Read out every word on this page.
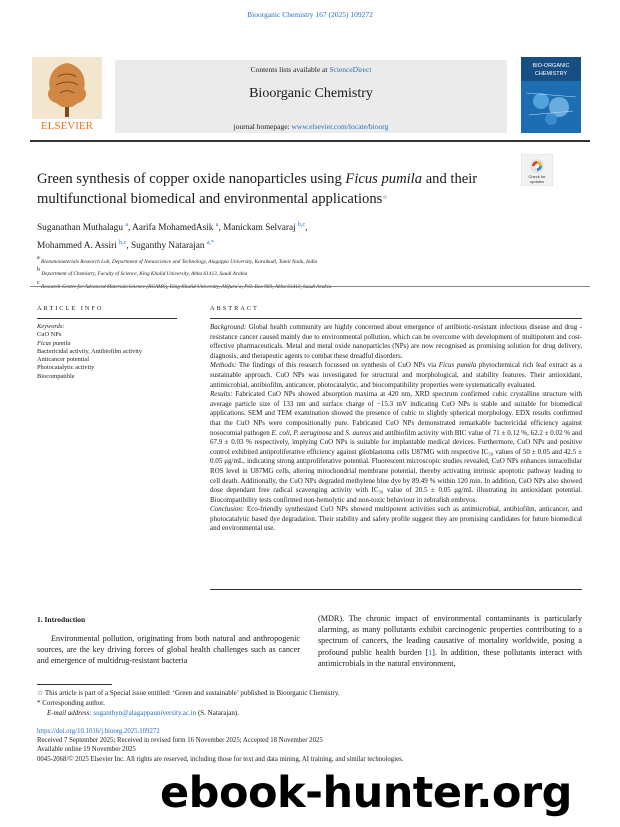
Bioorganic Chemistry 167 (2025) 109272
ELSEVIER
Contents lists available at ScienceDirect
Bioorganic Chemistry
journal homepage: www.elsevier.com/locate/bioorg
BIO-ORGANIC
CHEMISTRY
Green synthesis of copper oxide nanoparticles using Ficus pumila and their multifunctional biomedical and environmental applications☆
Check for
updates
Suganathan Muthalagu $^a$, Aarifa MohamedAsik $^a$, Manickam Selvaraj $^{b,c}$,
Mohammed A. Assiri $^{b,c}$, Suganthy Natarajan $^{a,*}$
$^a$ Bionanomaterials Research Lab, Department of Nanoscience and Technology, Alagappa University, Karaikudi, Tamil Nadu, India
$^b$ Department of Chemistry, Faculty of Science, King Khalid University, Abha 61413, Saudi Arabia
$^c$
ARTICLE INFO	ABSTRACT
Keywords:
CuO NPs
Ficus pumila
Bactericidal activity, Antibiofilm activity
Anticancer potential
Photocatalytic activity
Biocompatible

Background: Global health community are highly concerned about emergence of antibiotic-resistant infectious disease and drug - resistance cancer caused mainly due to environmental pollution, which can be overcome with development of multipotent and cost-effective pharmaceuticals. Metal and metal oxide nanoparticles (NPs) are now recognised as promising solution for drug delivery, diagnosis, and therapeutic agents to combat these dreadful disorders.

Methods: The findings of this research focussed on synthesis of CuO NPs via Ficus pumila phytochemical rich leaf extract as a sustainable approach. CuO NPs was investigated for structural and morphological, and stability features. Their antioxidant, antimicrobial, antibiofilm, anticancer, photocatalytic, and biocompatibility properties were systematically evaluated.

Results: Fabricated CuO NPs showed absorption maxima at 420 nm, XRD spectrum confirmed cubic crystalline structure with average particle size of 133 nm and surface charge of −15.3 mV indicating CuO NPs is stable and suitable for biomedical applications. SEM and TEM examination showed the presence of cubic to slightly spherical morphology. EDX results confirmed that the CuO NPs were compositionally pure. Fabricated CuO NPs demonstrated remarkable bactericidal efficiency against nosocomial pathogen E. coli, P. aeruginosa and S. aureus and antibiofilm activity with BIC value of 71 ± 0.12 %, 62.2 ± 0.02 % and 67.9 ± 0.03 % respectively, implying CuO NPs is suitable for implantable medical devices. Furthermore, CuO NPs and positive control exhibited antiproliferative efficiency against glioblastoma cells U87MG with respective IC₅₀ values of 50 ± 0.05 and 42.5 ± 0.05 μg/mL, indicating strong antiproliferative potential. Fluorescent microscopic studies revealed, CuO NPs enhances intracellular ROS level in U87MG cells, altering mitochondrial membrane potential, thereby activating intrinsic apoptotic pathway leading to cell death. Additionally, the CuO NPs degraded methylene blue dye by 89.49 % within 120 min. In addition, CuO NPs also showed dose dependant free radical scavenging activity with IC₅₀ value of 20.5 ± 0.05 μg/mL illustrating its antioxidant potential. Biocompatibility tests confirmed non-hemolytic and non-toxic behaviour in zebrafish embryos.

Conclusion: Eco-friendly synthesized CuO NPs showed multipotent activities such as antimicrobial, antibiofilm, anticancer, and photocatalytic based dye degradation. Their stability and safety profile suggest they are promising candidates for future biomedical and environmental use.

1. Introduction
Environmental pollution, originating from both natural and anthropogenic sources, are the key driving forces of global health challenges such as cancer and emergence of multidrug-resistant bacteria
(MDR). The chronic impact of environmental contaminants is particularly alarming, as many pollutants exhibit carcinogenic properties contributing to a spectrum of cancers, the leading causative of mortality worldwide, posing a profound public health burden [1]. In addition, these pollutants interact with antimicrobials in the natural environment,
☆ This article is part of a Special issue entitled: ‘Green and sustainable’ published in Bioorganic Chemistry.
* Corresponding author.
E-mail address: suganthyn@alagappauniversity.ac.in (S. Natarajan).
https://doi.org/10.1016/j.bioorg.2025.109272
Received 7 September 2025; Received in revised form 16 November 2025; Accepted 18 November 2025
Available online 19 November 2025
0045-2068/© 2025 Elsevier Inc. All rights are reserved, including those for text and data mining, AI training, and similar technologies.
ebook-hunter.org
